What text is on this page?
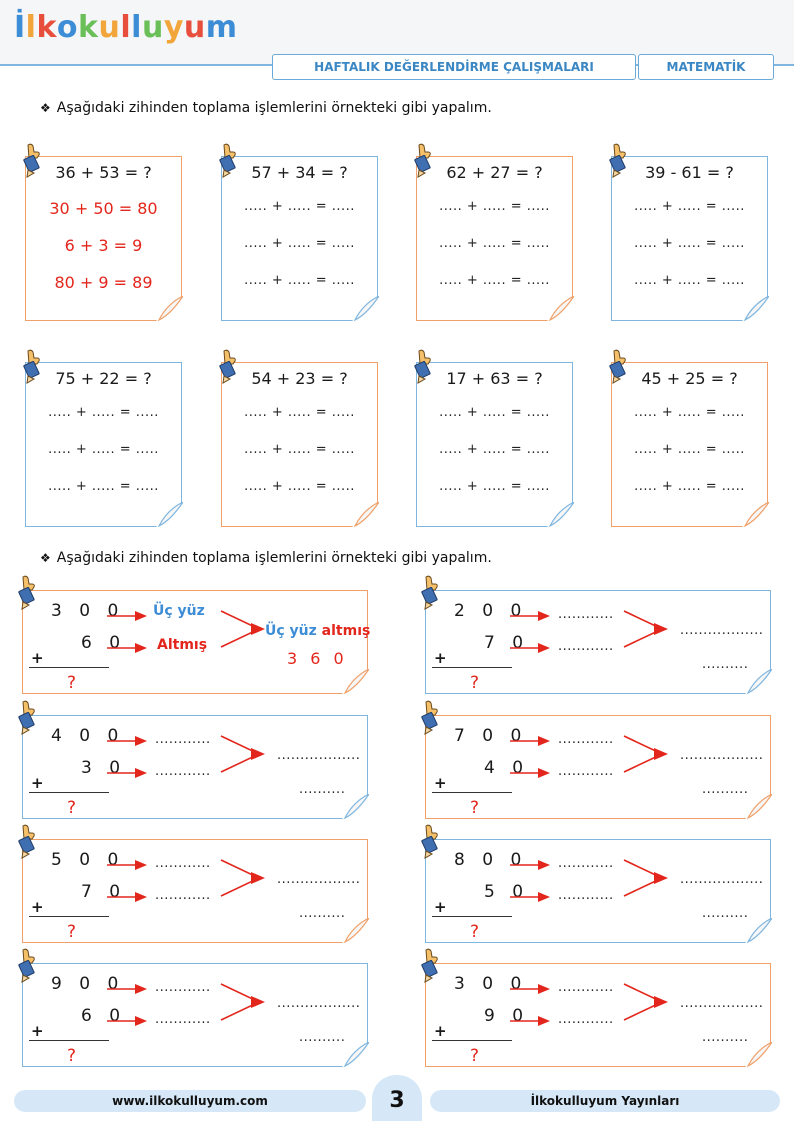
İlkokulluyum
HAFTALIK DEĞERLENDİRME ÇALIŞMALARI	MATEMATİK
❖ Aşağıdaki zihinden toplama işlemlerini örnekteki gibi yapalım.
36 + 53 = ?
30 + 50 = 80
6 + 3 = 9
80 + 9 = 89
57 + 34 = ?
..... + ..... = .....
..... + ..... = .....
..... + ..... = .....
62 + 27 = ?
..... + ..... = .....
..... + ..... = .....
..... + ..... = .....
39 - 61 = ?
..... + ..... = .....
..... + ..... = .....
..... + ..... = .....
75 + 22 = ?
..... + ..... = .....
..... + ..... = .....
..... + ..... = .....
54 + 23 = ?
..... + ..... = .....
..... + ..... = .....
..... + ..... = .....
17 + 63 = ?
..... + ..... = .....
..... + ..... = .....
..... + ..... = .....
45 + 25 = ?
..... + ..... = .....
..... + ..... = .....
..... + ..... = .....
❖ Aşağıdaki zihinden toplama işlemlerini örnekteki gibi yapalım.
3 0 0
6 0
+
?
Üç yüz
Altmış
Üç yüz altmış
3 6 0
2 0 0
7 0
+
?
............
............
..................
..........
4 0 0
3 0
+
?
............
............
..................
..........
7 0 0
4 0
+
?
............
............
..................
..........
5 0 0
7 0
+
?
............
............
..................
..........
8 0 0
5 0
+
?
............
............
..................
..........
9 0 0
6 0
+
?
............
............
..................
..........
3 0 0
9 0
+
?
............
............
..................
..........
www.ilkokulluyum.com	3	İlkokulluyum Yayınları
